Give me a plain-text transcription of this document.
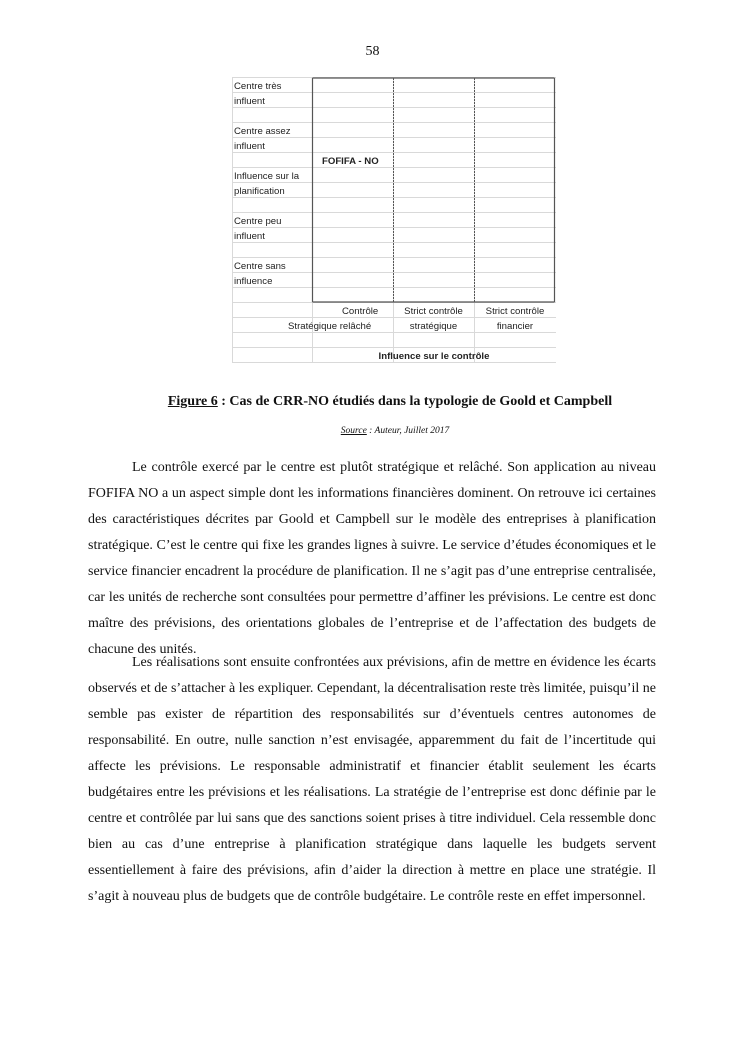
58
Centre très
influent
Centre assez
influent
Influence sur la
planification
Centre peu
influent
Centre sans
influence
FOFIFA - NO
Contrôle
Stratégique relâché
Strict contrôle
stratégique
Strict contrôle
financier
Influence sur le contrôle
Figure 6 : Cas de CRR-NO étudiés dans la typologie de Goold et Campbell
Source : Auteur, Juillet 2017

Le contrôle exercé par le centre est plutôt stratégique et relâché. Son application au niveau FOFIFA NO a un aspect simple dont les informations financières dominent. On retrouve ici certaines des caractéristiques décrites par Goold et Campbell sur le modèle des entreprises à planification stratégique. C’est le centre qui fixe les grandes lignes à suivre. Le service d’études économiques et le service financier encadrent la procédure de planification. Il ne s’agit pas d’une entreprise centralisée, car les unités de recherche sont consultées pour permettre d’affiner les prévisions. Le centre est donc maître des prévisions, des orientations globales de l’entreprise et de l’affectation des budgets de chacune des unités.

Les réalisations sont ensuite confrontées aux prévisions, afin de mettre en évidence les écarts observés et de s’attacher à les expliquer. Cependant, la décentralisation reste très limitée, puisqu’il ne semble pas exister de répartition des responsabilités sur d’éventuels centres autonomes de responsabilité. En outre, nulle sanction n’est envisagée, apparemment du fait de l’incertitude qui affecte les prévisions. Le responsable administratif et financier établit seulement les écarts budgétaires entre les prévisions et les réalisations. La stratégie de l’entreprise est donc définie par le centre et contrôlée par lui sans que des sanctions soient prises à titre individuel. Cela ressemble donc bien au cas d’une entreprise à planification stratégique dans laquelle les budgets servent essentiellement à faire des prévisions, afin d’aider la direction à mettre en place une stratégie. Il s’agit à nouveau plus de budgets que de contrôle budgétaire. Le contrôle reste en effet impersonnel.
